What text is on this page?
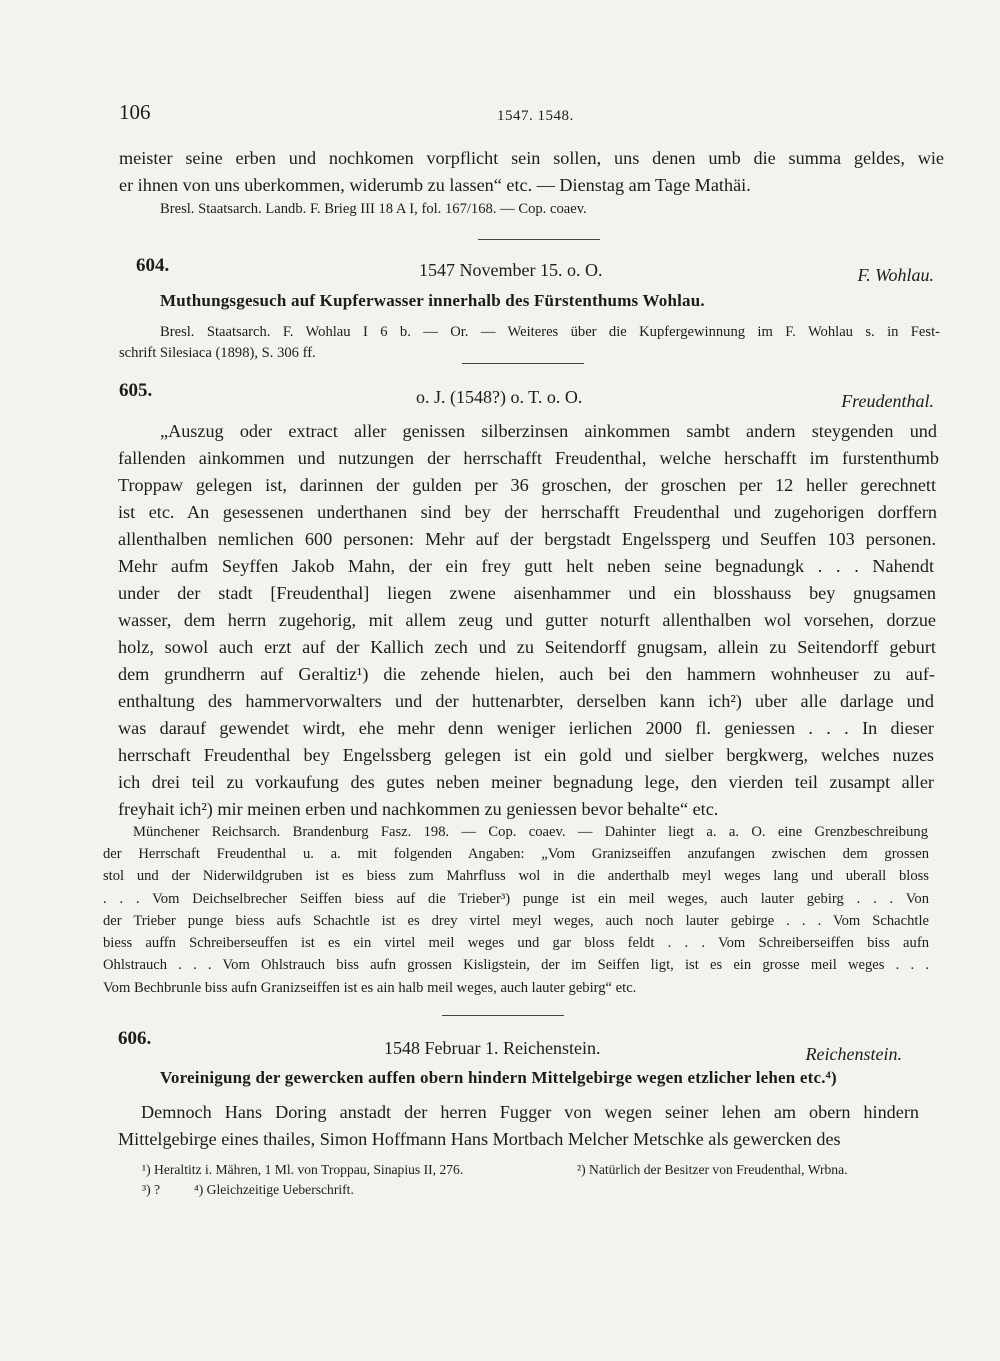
106	1547. 1548.
meister seine erben und nochkomen vorpflicht sein sollen, uns denen umb die summa geldes, wie
er ihnen von uns uberkommen, widerumb zu lassen“ etc. — Dienstag am Tage Mathäi.
Bresl. Staatsarch. Landb. F. Brieg III 18 A I, fol. 167/168. — Cop. coaev.
604.	1547 November 15. o. O.	F. Wohlau.
Muthungsgesuch auf Kupferwasser innerhalb des Fürstenthums Wohlau.
Bresl. Staatsarch. F. Wohlau I 6 b. — Or. — Weiteres über die Kupfergewinnung im F. Wohlau s. in Fest-
schrift Silesiaca (1898), S. 306 ff.
605.	o. J. (1548?) o. T. o. O.	Freudenthal.
„Auszug oder extract aller genissen silberzinsen ainkommen sambt andern steygenden und
fallenden ainkommen und nutzungen der herrschafft Freudenthal, welche herschafft im furstenthumb
Troppaw gelegen ist, darinnen der gulden per 36 groschen, der groschen per 12 heller gerechnett
ist etc. An gesessenen underthanen sind bey der herrschafft Freudenthal und zugehorigen dorffern
allenthalben nemlichen 600 personen: Mehr auf der bergstadt Engelssperg und Seuffen 103 personen.
Mehr aufm Seyffen Jakob Mahn, der ein frey gutt helt neben seine begnadungk . . . Nahendt
under der stadt [Freudenthal] liegen zwene aisenhammer und ein blosshauss bey gnugsamen
wasser, dem herrn zugehorig, mit allem zeug und gutter noturft allenthalben wol vorsehen, dorzue
holz, sowol auch erzt auf der Kallich zech und zu Seitendorff gnugsam, allein zu Seitendorff geburt
dem grundherrn auf Geraltiz¹) die zehende hielen, auch bei den hammern wohnheuser zu auf-
enthaltung des hammervorwalters und der huttenarbter, derselben kann ich²) uber alle darlage und
was darauf gewendet wirdt, ehe mehr denn weniger ierlichen 2000 fl. geniessen . . . In dieser
herrschaft Freudenthal bey Engelssberg gelegen ist ein gold und sielber bergkwerg, welches nuzes
ich drei teil zu vorkaufung des gutes neben meiner begnadung lege, den vierden teil zusampt aller
freyhait ich²) mir meinen erben und nachkommen zu geniessen bevor behalte“ etc.
Münchener Reichsarch. Brandenburg Fasz. 198. — Cop. coaev. — Dahinter liegt a. a. O. eine Grenzbeschreibung
der Herrschaft Freudenthal u. a. mit folgenden Angaben: „Vom Granizseiffen anzufangen zwischen dem grossen
stol und der Niderwildgruben ist es biess zum Mahrfluss wol in die anderthalb meyl weges lang und uberall bloss
. . . Vom Deichselbrecher Seiffen biess auf die Trieber³) punge ist ein meil weges, auch lauter gebirg . . . Von
der Trieber punge biess aufs Schachtle ist es drey virtel meyl weges, auch noch lauter gebirge . . . Vom Schachtle
biess auffn Schreiberseuffen ist es ein virtel meil weges und gar bloss feldt . . . Vom Schreiberseiffen biss aufn
Ohlstrauch . . . Vom Ohlstrauch biss aufn grossen Kisligstein, der im Seiffen ligt, ist es ein grosse meil weges . . .
Vom Bechbrunle biss aufn Granizseiffen ist es ain halb meil weges, auch lauter gebirg“ etc.
606.	1548 Februar 1. Reichenstein.	Reichenstein.
Voreinigung der gewercken auffen obern hindern Mittelgebirge wegen etzlicher lehen etc.⁴)
Demnoch Hans Doring anstadt der herren Fugger von wegen seiner lehen am obern hindern
Mittelgebirge eines thailes, Simon Hoffmann Hans Mortbach Melcher Metschke als gewercken des
¹) Heraltitz i. Mähren, 1 Ml. von Troppau, Sinapius II, 276.	²) Natürlich der Besitzer von Freudenthal, Wrbna.
³) ? ⁴) Gleichzeitige Ueberschrift.
